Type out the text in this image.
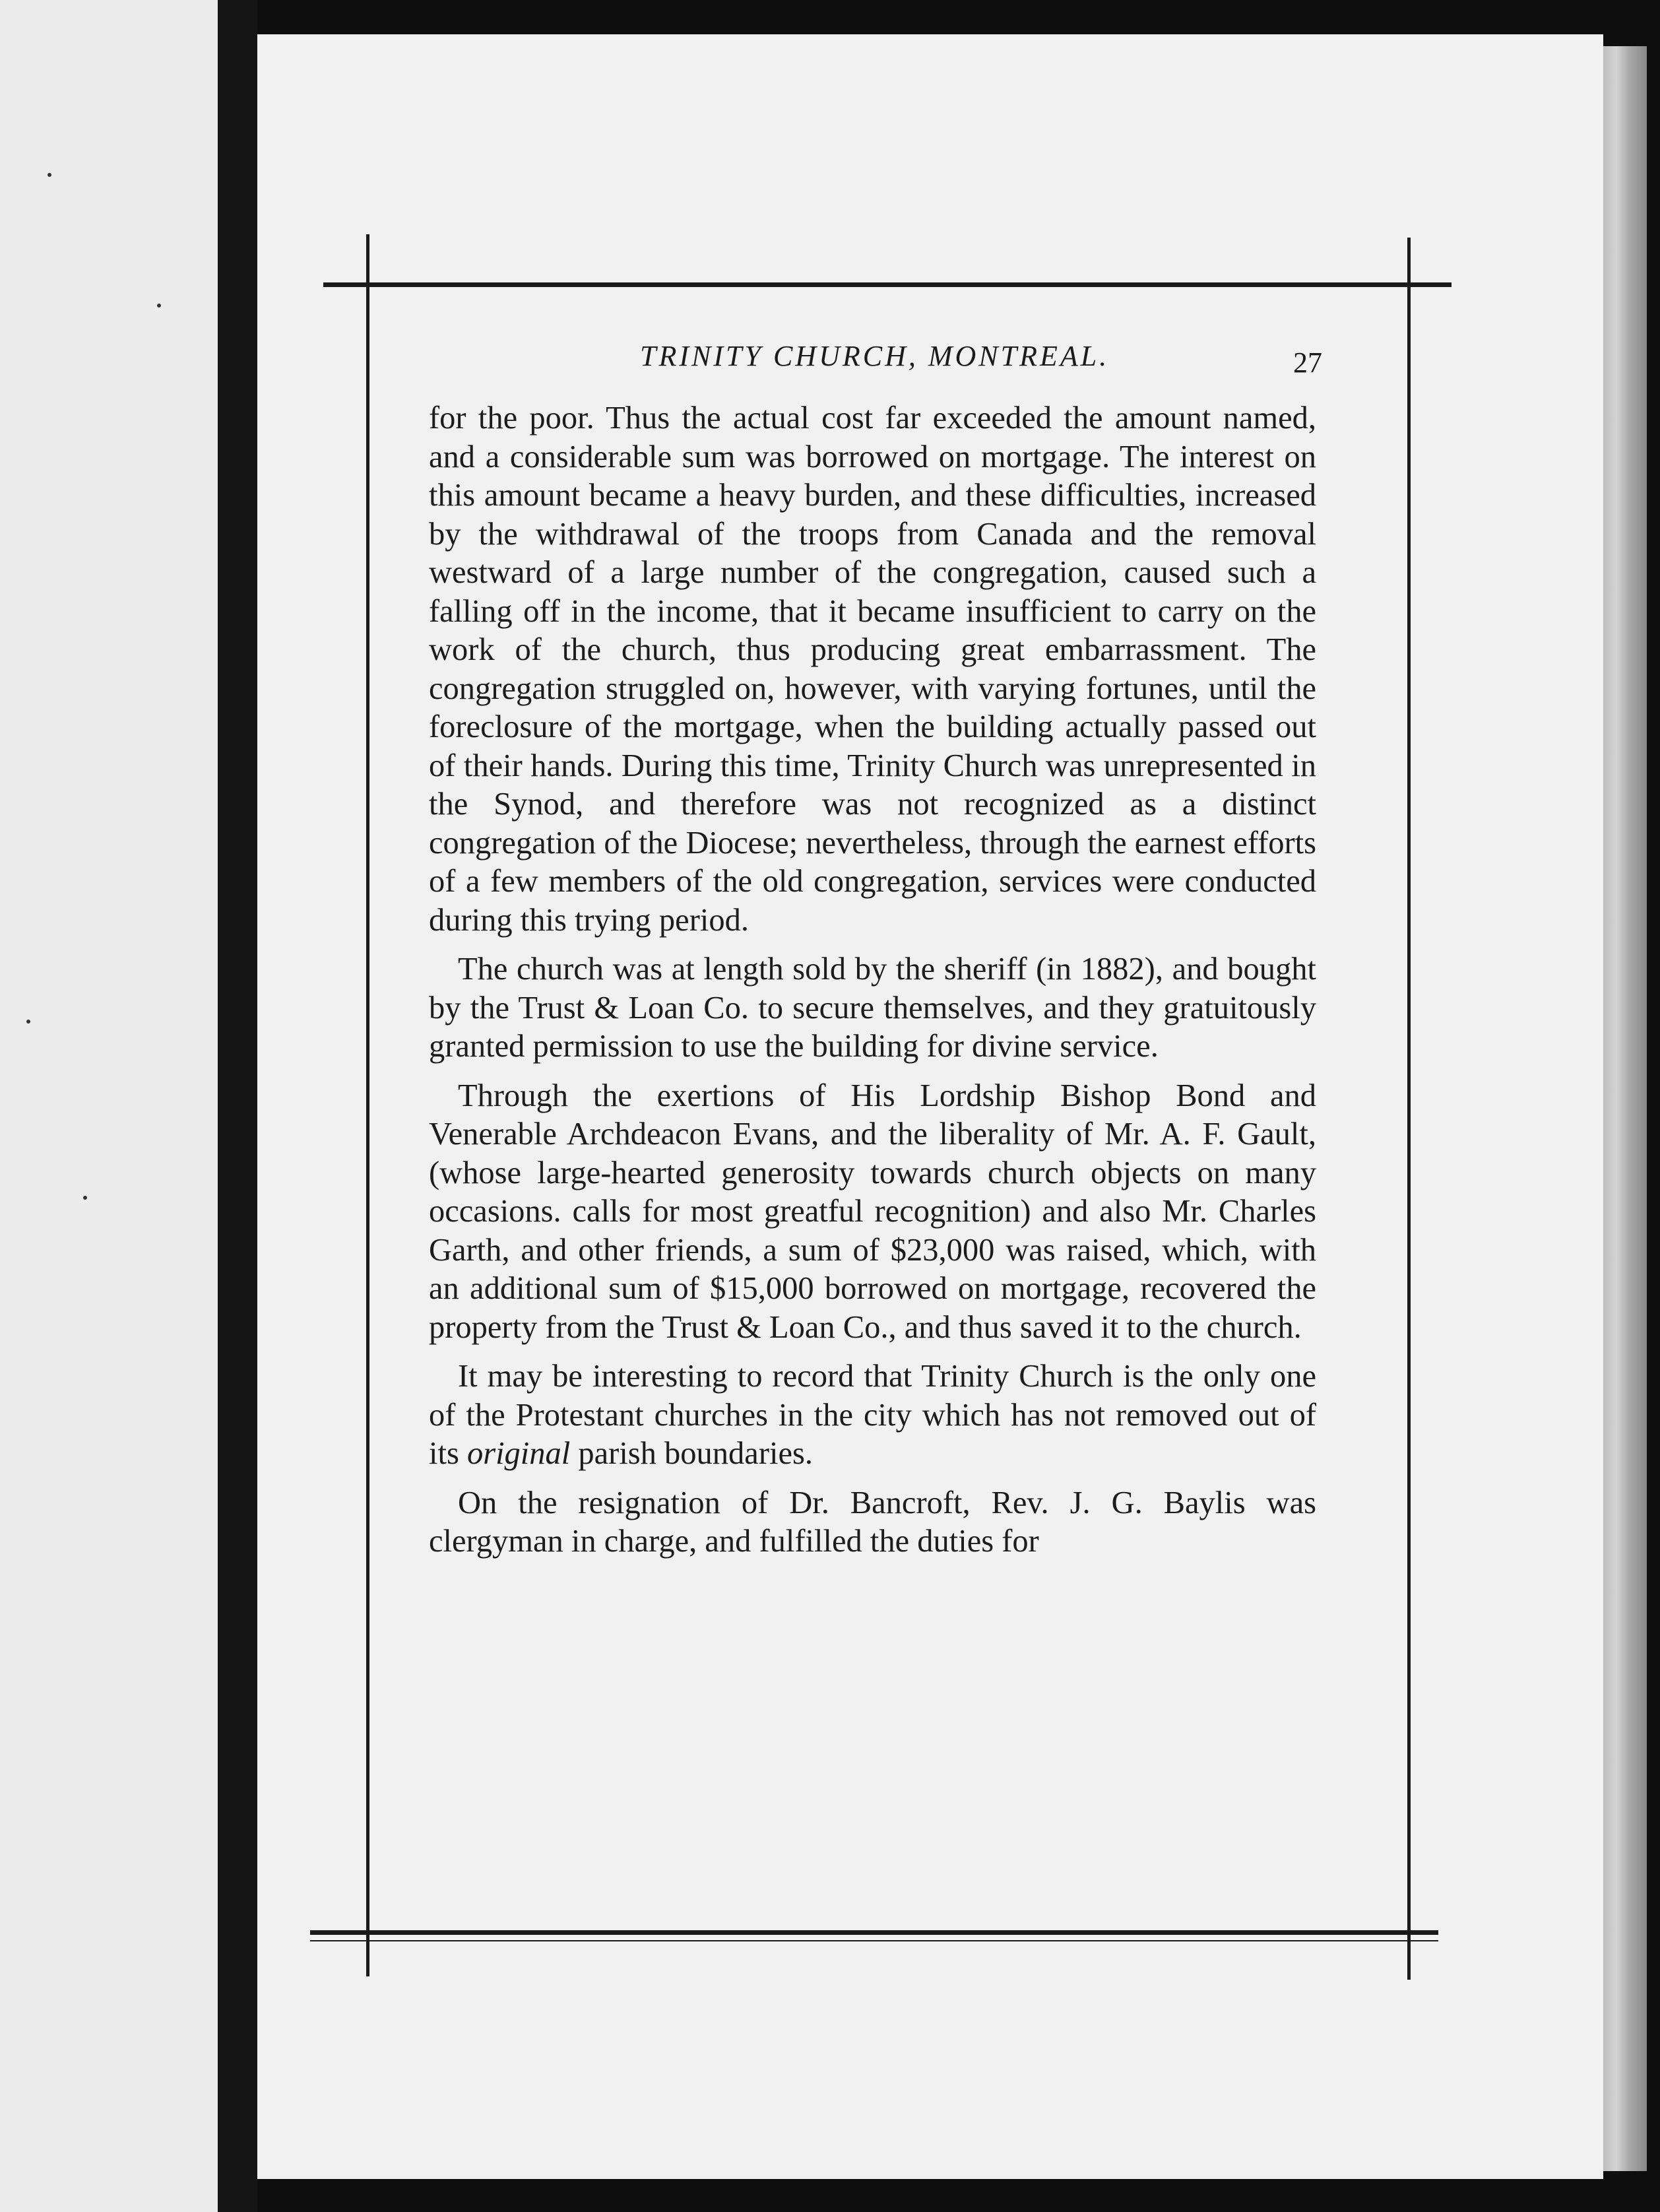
TRINITY CHURCH, MONTREAL.	27

for the poor. Thus the actual cost far exceeded the amount named, and a considerable sum was borrowed on mortgage. The interest on this amount became a heavy burden, and these difficulties, increased by the withdrawal of the troops from Canada and the removal westward of a large number of the congregation, caused such a falling off in the income, that it became insufficient to carry on the work of the church, thus producing great embarrassment. The congregation struggled on, however, with varying fortunes, until the foreclosure of the mortgage, when the building actually passed out of their hands. During this time, Trinity Church was unrepresented in the Synod, and therefore was not recognized as a distinct congregation of the Diocese; nevertheless, through the earnest efforts of a few members of the old congregation, services were conducted during this trying period.

The church was at length sold by the sheriff (in 1882), and bought by the Trust & Loan Co. to secure themselves, and they gratuitously granted permission to use the building for divine service.

Through the exertions of His Lordship Bishop Bond and Venerable Archdeacon Evans, and the liberality of Mr. A. F. Gault, (whose large-hearted generosity towards church objects on many occasions. calls for most greatful recognition) and also Mr. Charles Garth, and other friends, a sum of $23,000 was raised, which, with an additional sum of $15,000 borrowed on mortgage, recovered the property from the Trust & Loan Co., and thus saved it to the church.

It may be interesting to record that Trinity Church is the only one of the Protestant churches in the city which has not removed out of its original parish boundaries.

On the resignation of Dr. Bancroft, Rev. J. G. Baylis was clergyman in charge, and fulfilled the duties for
